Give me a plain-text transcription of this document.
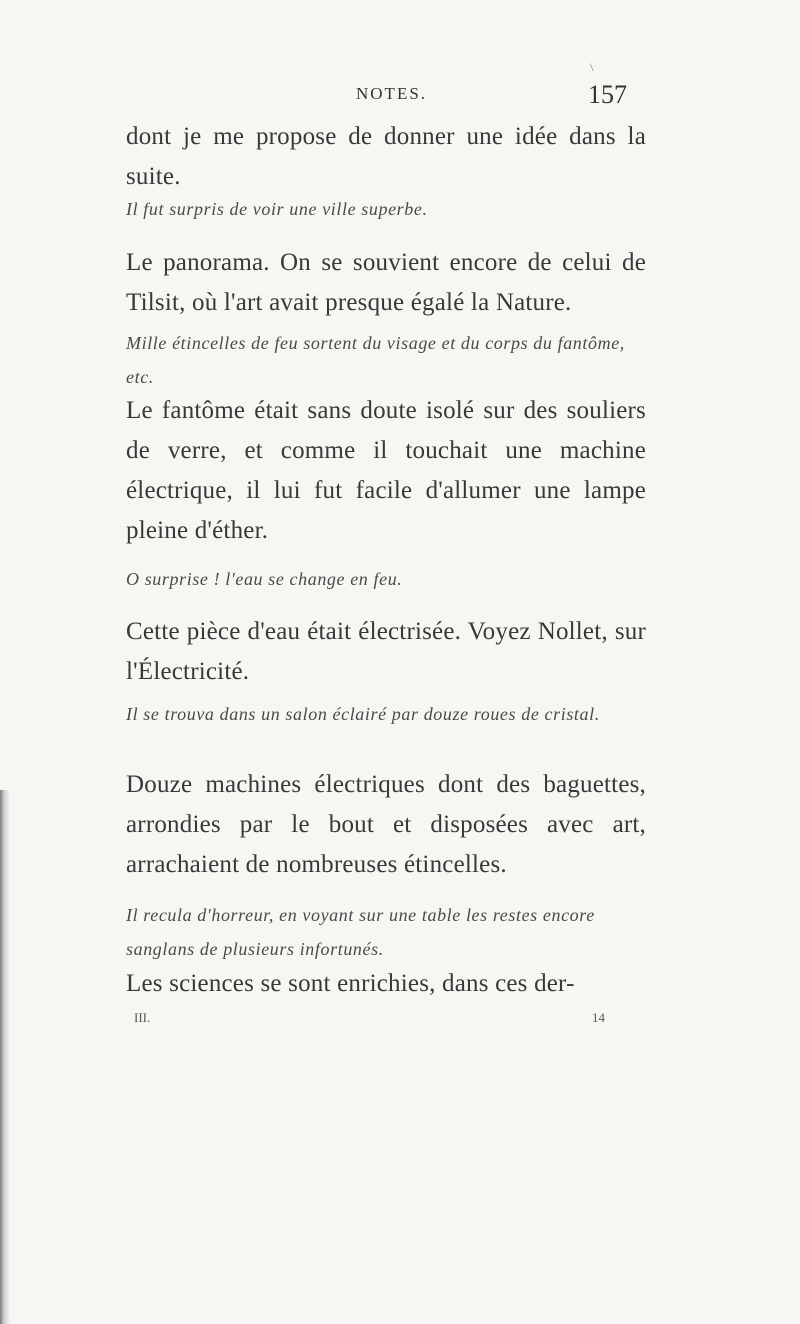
\
NOTES.	157

dont je me propose de donner une idée dans la suite.

Il fut surpris de voir une ville superbe.

Le panorama. On se souvient encore de celui de Tilsit, où l'art avait presque égalé la Nature.

Mille étincelles de feu sortent du visage et du corps du fantôme, etc.

Le fantôme était sans doute isolé sur des souliers de verre, et comme il touchait une machine électrique, il lui fut facile d'allumer une lampe pleine d'éther.

O surprise ! l'eau se change en feu.

Cette pièce d'eau était électrisée. Voyez Nollet, sur l'Électricité.

Il se trouva dans un salon éclairé par douze roues de cristal.

Douze machines électriques dont des baguettes, arrondies par le bout et disposées avec art, arrachaient de nombreuses étincelles.

Il recula d'horreur, en voyant sur une table les restes encore sanglans de plusieurs infortunés.

Les sciences se sont enrichies, dans ces der-

III.	14
